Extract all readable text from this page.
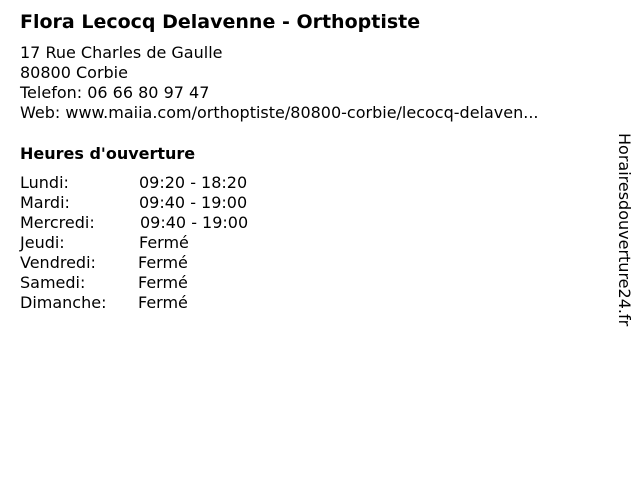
Flora Lecocq Delavenne - Orthoptiste
17 Rue Charles de Gaulle
80800 Corbie
Telefon: 06 66 80 97 47
Web: www.maiia.com/orthoptiste/80800-corbie/lecocq-delaven...
Heures d'ouverture
Lundi:	09:20 - 18:20
Mardi:	09:40 - 19:00
Mercredi:	09:40 - 19:00
Jeudi:	Fermé
Vendredi:	Fermé
Samedi:	Fermé
Dimanche: Fermé	Horairesdouverture24.fr
